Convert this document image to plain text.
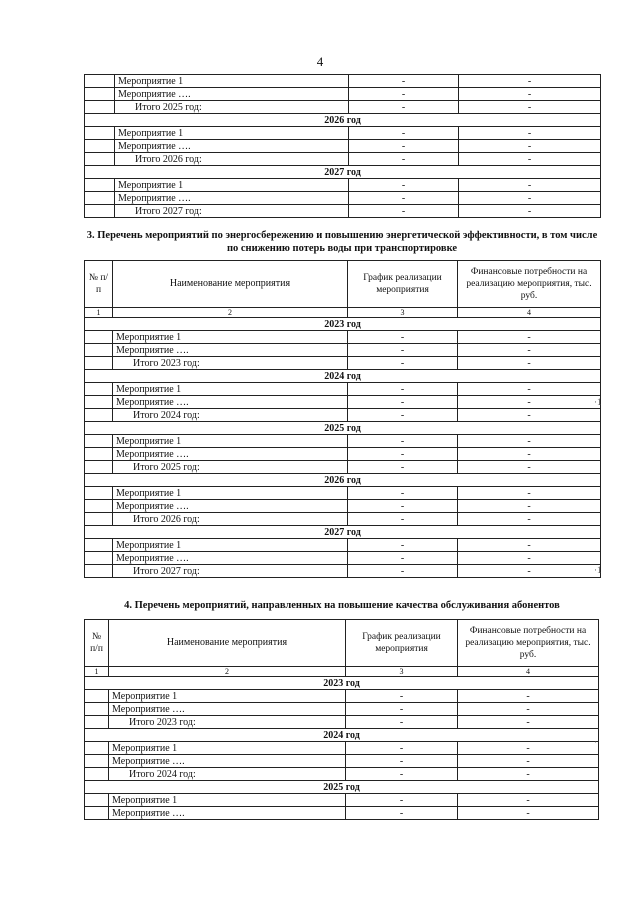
4
	Мероприятие 1	-	-
	Мероприятие ….	-	-
	Итого 2025 год:	-	-
2026 год			
	Мероприятие 1	-	-
	Мероприятие ….	-	-
	Итого 2026 год:	-	-
2027 год			
	Мероприятие 1	-	-
	Мероприятие ….	-	-
	Итого 2027 год:	-	-
3. Перечень мероприятий по энергосбережению и повышению энергетической эффективности, в том числе по снижению потерь воды при транспортировке
№ п/п	Наименование мероприятия	График реализации мероприятия	Финансовые потребности на реализацию мероприятия, тыс. руб.
1	2	3	4
2023 год			
	Мероприятие 1	-	-
	Мероприятие ….	-	-
	Итого 2023 год:	-	-
2024 год			
	Мероприятие 1	-	-
	Мероприятие ….	-	-
	Итого 2024 год:	-	-
2025 год			
	Мероприятие 1	-	-
	Мероприятие ….	-	-
	Итого 2025 год:	-	-
2026 год			
	Мероприятие 1	-	-
	Мероприятие ….	-	-
	Итого 2026 год:	-	-
2027 год			
	Мероприятие 1	-	-
	Мероприятие ….	-	-
	Итого 2027 год:	-	-
4. Перечень мероприятий, направленных на повышение качества обслуживания абонентов
№ п/п	Наименование мероприятия	График реализации мероприятия	Финансовые потребности на реализацию мероприятия, тыс. руб.
1	2	3	4
2023 год			
	Мероприятие 1	-	-
	Мероприятие ….	-	-
	Итого 2023 год:	-	-
2024 год			
	Мероприятие 1	-	-
	Мероприятие ….	-	-
	Итого 2024 год:	-	-
2025 год			
	Мероприятие 1	-	-
	Мероприятие ….	-	-
·1
·1
·
